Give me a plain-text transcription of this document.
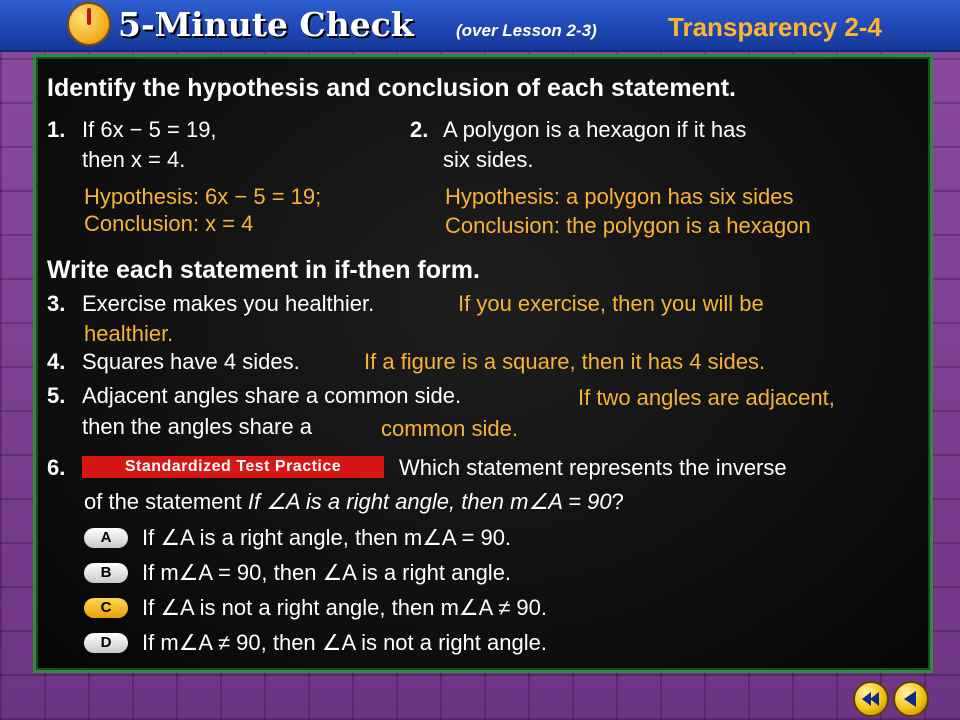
5-Minute Check (over Lesson 2-3)	Transparency 2-4
Identify the hypothesis and conclusion of each statement.
1. If 6x − 5 = 19,
then x = 4.
Hypothesis: 6x − 5 = 19;
Conclusion: x = 4
2. A polygon is a hexagon if it has
six sides.
Hypothesis: a polygon has six sides
Conclusion: the polygon is a hexagon
Write each statement in if-then form.
3. Exercise makes you healthier.	If you exercise, then you will be
healthier.
4. Squares have 4 sides.	If a figure is a square, then it has 4 sides.
5. Adjacent angles share a common side.	If two angles are adjacent,
then the angles share a	common side.
6.	Standardized Test Practice	Which statement represents the inverse
of the statement If ∠A is a right angle, then m∠A = 90?
A	If ∠A is a right angle, then m∠A = 90.
B	If m∠A = 90, then ∠A is a right angle.
C	If ∠A is not a right angle, then m∠A ≠ 90.
D	If m∠A ≠ 90, then ∠A is not a right angle.
